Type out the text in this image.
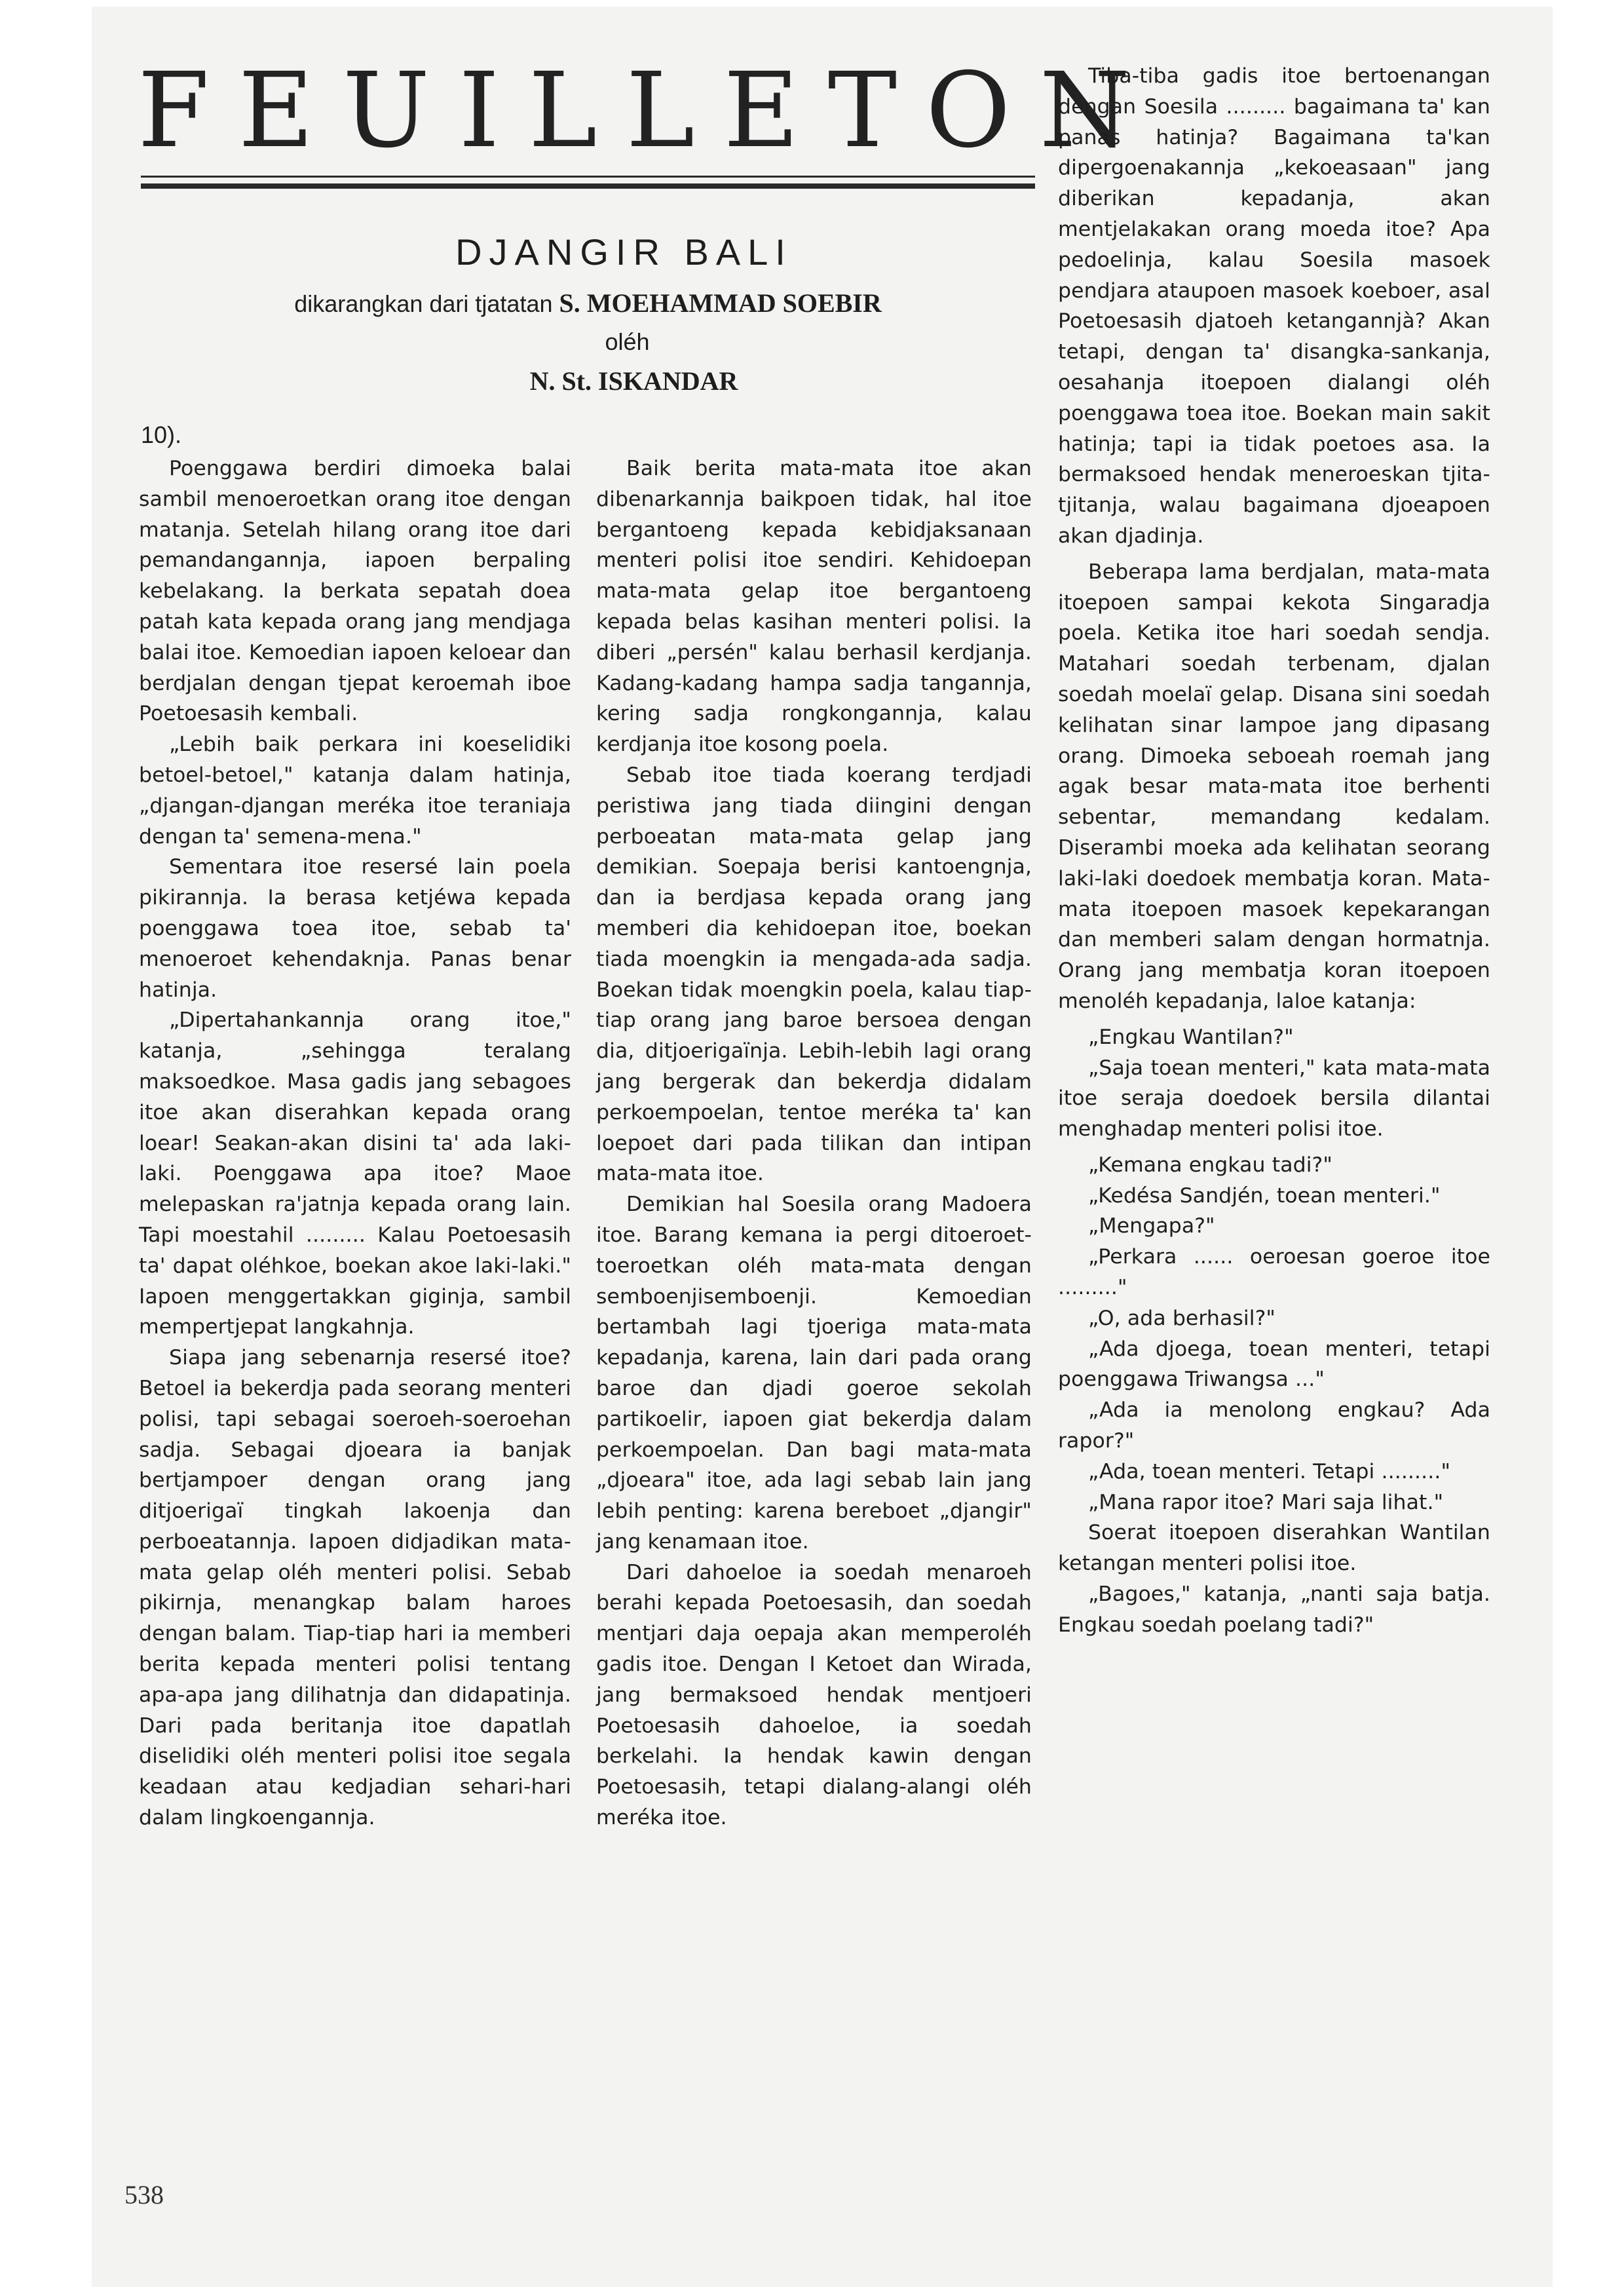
FEUILLETON
DJANGIR BALI
dikarangkan dari tjatatan S. MOEHAMMAD SOEBIR
oléh
N. St. ISKANDAR
10).

Poenggawa berdiri dimoeka balai sambil menoeroetkan orang itoe dengan matanja. Setelah hilang orang itoe dari pemandangannja, iapoen berpaling kebelakang. Ia berkata sepatah doea patah kata kepada orang jang mendjaga balai itoe. Kemoedian iapoen keloear dan berdjalan dengan tjepat keroemah iboe Poetoesasih kembali.

„Lebih baik perkara ini koeselidiki betoel-betoel," katanja dalam hatinja, „djangan-djangan meréka itoe teraniaja dengan ta' semena-mena."

Sementara itoe resersé lain poela pikirannja. Ia berasa ketjéwa kepada poenggawa toea itoe, sebab ta' menoeroet kehendaknja. Panas benar hatinja.

„Dipertahankannja orang itoe," katanja, „sehingga teralang maksoedkoe. Masa gadis jang sebagoes itoe akan diserahkan kepada orang loear! Seakan-akan disini ta' ada laki-laki. Poenggawa apa itoe? Maoe melepaskan ra'jatnja kepada orang lain. Tapi moestahil ......... Kalau Poetoesasih ta' dapat oléhkoe, boekan akoe laki-laki." Iapoen menggertakkan giginja, sambil mempertjepat langkahnja.

Siapa jang sebenarnja resersé itoe? Betoel ia bekerdja pada seorang menteri polisi, tapi sebagai soeroeh-soeroehan sadja. Sebagai djoeara ia banjak bertjampoer dengan orang jang ditjoerigaï tingkah lakoenja dan perboeatannja. Iapoen didjadikan mata-mata gelap oléh menteri polisi. Sebab pikirnja, menangkap balam haroes dengan balam. Tiap-tiap hari ia memberi berita kepada menteri polisi tentang apa-apa jang dilihatnja dan didapatinja. Dari pada beritanja itoe dapatlah diselidiki oléh menteri polisi itoe segala keadaan atau kedjadian sehari-hari dalam lingkoengannja.

Baik berita mata-mata itoe akan dibenarkannja baikpoen tidak, hal itoe bergantoeng kepada kebidjaksanaan menteri polisi itoe sendiri. Kehidoepan mata-mata gelap itoe bergantoeng kepada belas kasihan menteri polisi. Ia diberi „persén" kalau berhasil kerdjanja. Kadang-kadang hampa sadja tangannja, kering sadja rongkongannja, kalau kerdjanja itoe kosong poela.

Sebab itoe tiada koerang terdjadi peristiwa jang tiada diingini dengan perboeatan mata-mata gelap jang demikian. Soepaja berisi kantoengnja, dan ia berdjasa kepada orang jang memberi dia kehidoepan itoe, boekan tiada moengkin ia mengada-ada sadja. Boekan tidak moengkin poela, kalau tiap-tiap orang jang baroe bersoea dengan dia, ditjoerigaïnja. Lebih-lebih lagi orang jang bergerak dan bekerdja didalam perkoempoelan, tentoe meréka ta' kan loepoet dari pada tilikan dan intipan mata-mata itoe.

Demikian hal Soesila orang Madoera itoe. Barang kemana ia pergi ditoeroet-toeroetkan oléh mata-mata dengan semboenjisemboenji. Kemoedian bertambah lagi tjoeriga mata-mata kepadanja, karena, lain dari pada orang baroe dan djadi goeroe sekolah partikoelir, iapoen giat bekerdja dalam perkoempoelan. Dan bagi mata-mata „djoeara" itoe, ada lagi sebab lain jang lebih penting: karena bereboet „djangir" jang kenamaan itoe.

Dari dahoeloe ia soedah menaroeh berahi kepada Poetoesasih, dan soedah mentjari daja oepaja akan memperoléh gadis itoe. Dengan I Ketoet dan Wirada, jang bermaksoed hendak mentjoeri Poetoesasih dahoeloe, ia soedah berkelahi. Ia hendak kawin dengan Poetoesasih, tetapi dialang-alangi oléh meréka itoe.

Tiba-tiba gadis itoe bertoenangan dengan Soesila ......... bagaimana ta' kan panas hatinja? Bagaimana ta'kan dipergoenakannja „kekoeasaan" jang diberikan kepadanja, akan mentjelakakan orang moeda itoe? Apa pedoelinja, kalau Soesila masoek pendjara ataupoen masoek koeboer, asal Poetoesasih djatoeh ketangannjà? Akan tetapi, dengan ta' disangka-sankanja, oesahanja itoepoen dialangi oléh poenggawa toea itoe. Boekan main sakit hatinja; tapi ia tidak poetoes asa. Ia bermaksoed hendak meneroeskan tjita-tjitanja, walau bagaimana djoeapoen akan djadinja.

Beberapa lama berdjalan, mata-mata itoepoen sampai kekota Singaradja poela. Ketika itoe hari soedah sendja. Matahari soedah terbenam, djalan soedah moelaï gelap. Disana sini soedah kelihatan sinar lampoe jang dipasang orang. Dimoeka seboeah roemah jang agak besar mata-mata itoe berhenti sebentar, memandang kedalam. Diserambi moeka ada kelihatan seorang laki-laki doedoek membatja koran. Mata-mata itoepoen masoek kepekarangan dan memberi salam dengan hormatnja. Orang jang membatja koran itoepoen menoléh kepadanja, laloe katanja:

„Engkau Wantilan?"

„Saja toean menteri," kata mata-mata itoe seraja doedoek bersila dilantai menghadap menteri polisi itoe.

„Kemana engkau tadi?"

„Kedésa Sandjén, toean menteri."

„Mengapa?"

„Perkara ...... oeroesan goeroe itoe ........."

„O, ada berhasil?"

„Ada djoega, toean menteri, tetapi poenggawa Triwangsa ..."

„Ada ia menolong engkau? Ada rapor?"

„Ada, toean menteri. Tetapi ........."

„Mana rapor itoe? Mari saja lihat."

Soerat itoepoen diserahkan Wantilan ketangan menteri polisi itoe.

„Bagoes," katanja, „nanti saja batja. Engkau soedah poelang tadi?"

538
